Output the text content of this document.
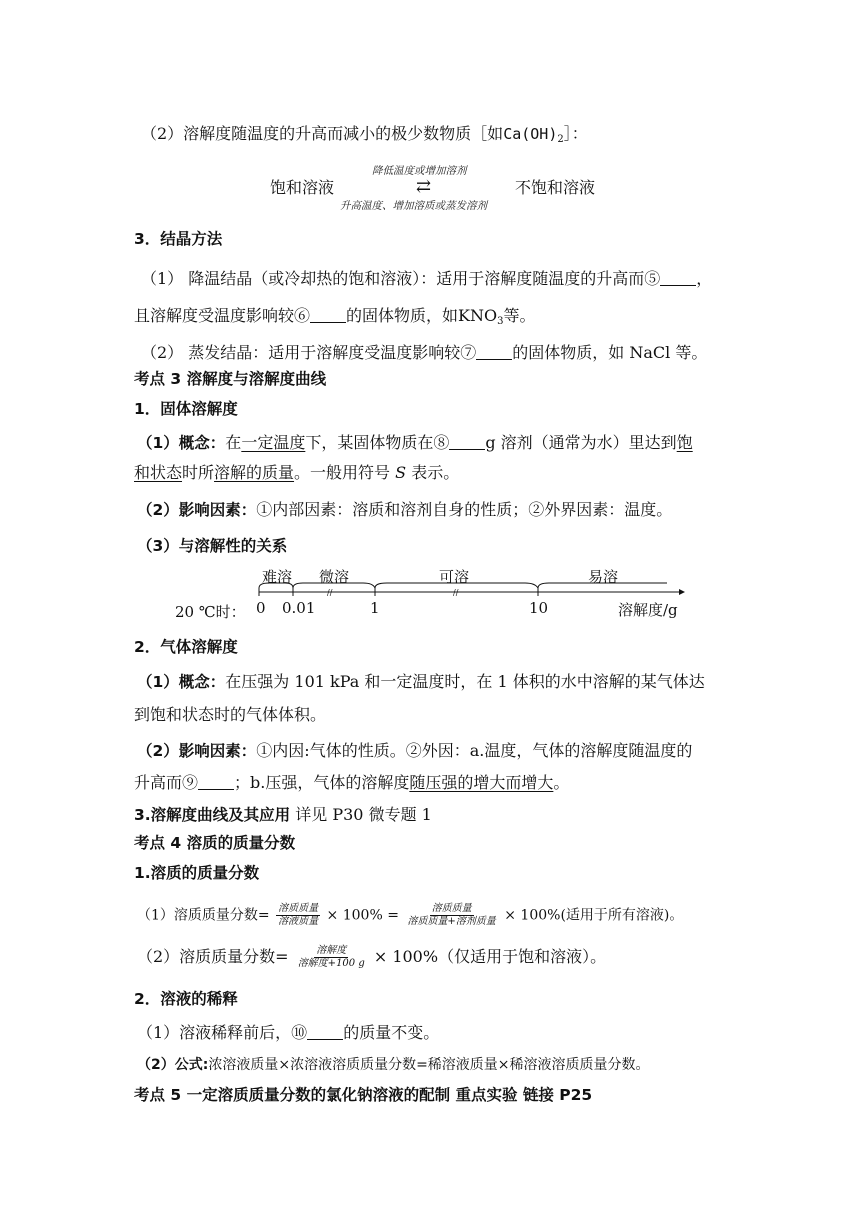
（2）溶解度随温度的升高而减小的极少数物质［如$Ca(OH)_2]$：
饱和溶液
降低温度或增加溶剂
⇄
升高温度、增加溶质或蒸发溶剂
不饱和溶液
3．结晶方法
（1） 降温结晶（或冷却热的饱和溶液）：适用于溶解度随温度的升高而⑤ ，
且溶解度受温度影响较⑥ 的固体物质，如$KNO_3$等。
（2） 蒸发结晶：适用于溶解度受温度影响较⑦ 的固体物质，如 NaCl 等。
考点 3 溶解度与溶解度曲线
1．固体溶解度
（1）概念：在一定温度下，某固体物质在⑧ g 溶剂（通常为水）里达到饱
和状态时所溶解的质量。一般用符号 S 表示。
（2）影响因素：①内部因素：溶质和溶剂自身的性质；②外界因素：温度。
（3）与溶解性的关系
20 ℃时：
//	//
难溶 微溶	可溶	易溶
0 0.01	1	10	溶解度/g
2．气体溶解度
（1）概念：在压强为 101 kPa 和一定温度时，在 1 体积的水中溶解的某气体达
到饱和状态时的气体体积。
（2）影响因素：①内因:气体的性质。②外因：a.温度，气体的溶解度随温度的
升高而⑨ ；b.压强，气体的溶解度随压强的增大而增大。
3.溶解度曲线及其应用 详见 P30 微专题 1
考点 4 溶质的质量分数
1.溶质的质量分数
（1）溶质质量分数= $\frac{\text{溶质质量}}{\text{溶液质量}} \times 100\% = \frac{\text{溶质质量}}{\text{溶质质量+溶剂质量}} \times 100\%$(适用于所有溶液)。
（2）溶质质量分数= $\frac{\text{溶解度}}{\text{溶解度+100 g}} \times 100\%$（仅适用于饱和溶液）。
2．溶液的稀释
（1）溶液稀释前后，⑩ 的质量不变。
（2）公式:浓溶液质量×浓溶液溶质质量分数=稀溶液质量×稀溶液溶质质量分数。
考点 5 一定溶质质量分数的氯化钠溶液的配制 重点实验 链接 P25
